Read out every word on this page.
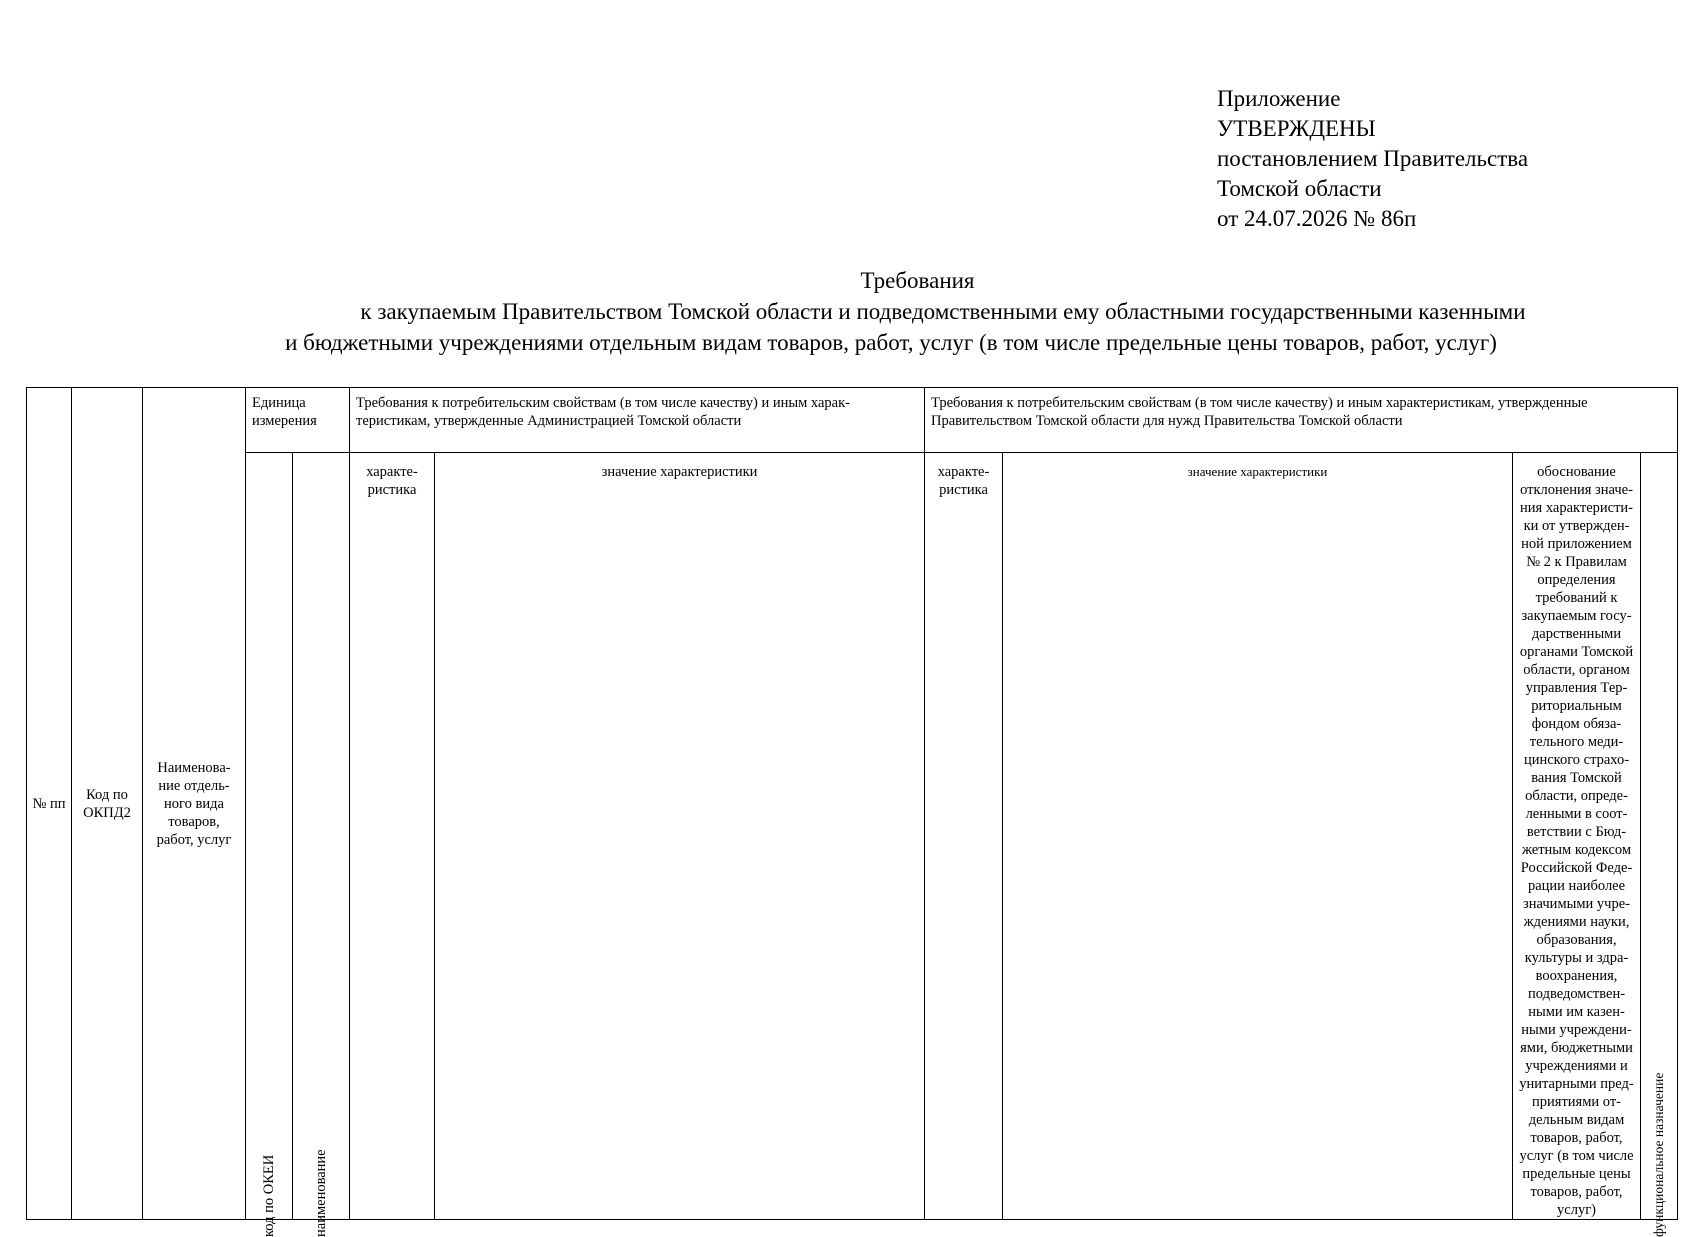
Приложение
УТВЕРЖДЕНЫ
постановлением Правительства
Томской области
от 24.07.2026 № 86п
Требования
к закупаемым Правительством Томской области и подведомственными ему областными государственными казенными
и бюджетными учреждениями отдельным видам товаров, работ, услуг (в том числе предельные цены товаров, работ, услуг)
№ пп	Код по ОКПД2	Наименова-ние отдель-ного вида товаров, работ, услуг	Единица измерения		Требования к потребительским свойствам (в том числе качеству) и иным харак-теристикам, утвержденные Администрацией Томской области		Требования к потребительским свойствам (в том числе качеству) и иным характеристикам, утвержденные Правительством Томской области для нужд Правительства Томской области			

			код по ОКЕИ	наименование	характе-ристика	значение характеристики	характе-ристика	значение характеристики	обоснование отклонения значе-ния характеристи-ки от утвержден-ной приложением № 2 к Правилам определения требований к закупаемым госу-дарственными органами Томской области, органом управления Тер-риториальным фондом обяза-тельного меди-цинского страхо-вания Томской области, опреде-ленными в соот-ветствии с Бюд-жетным кодексом Российской Феде-рации наиболее значимыми учре-ждениями науки, образования, культуры и здра-воохранения, подведомствен-ными им казен-ными учреждени-ями, бюджетными учреждениями и унитарными пред-приятиями от-дельным видам товаров, работ, услуг (в том числе предельные цены товаров, работ, услуг)	функциональное назначение
